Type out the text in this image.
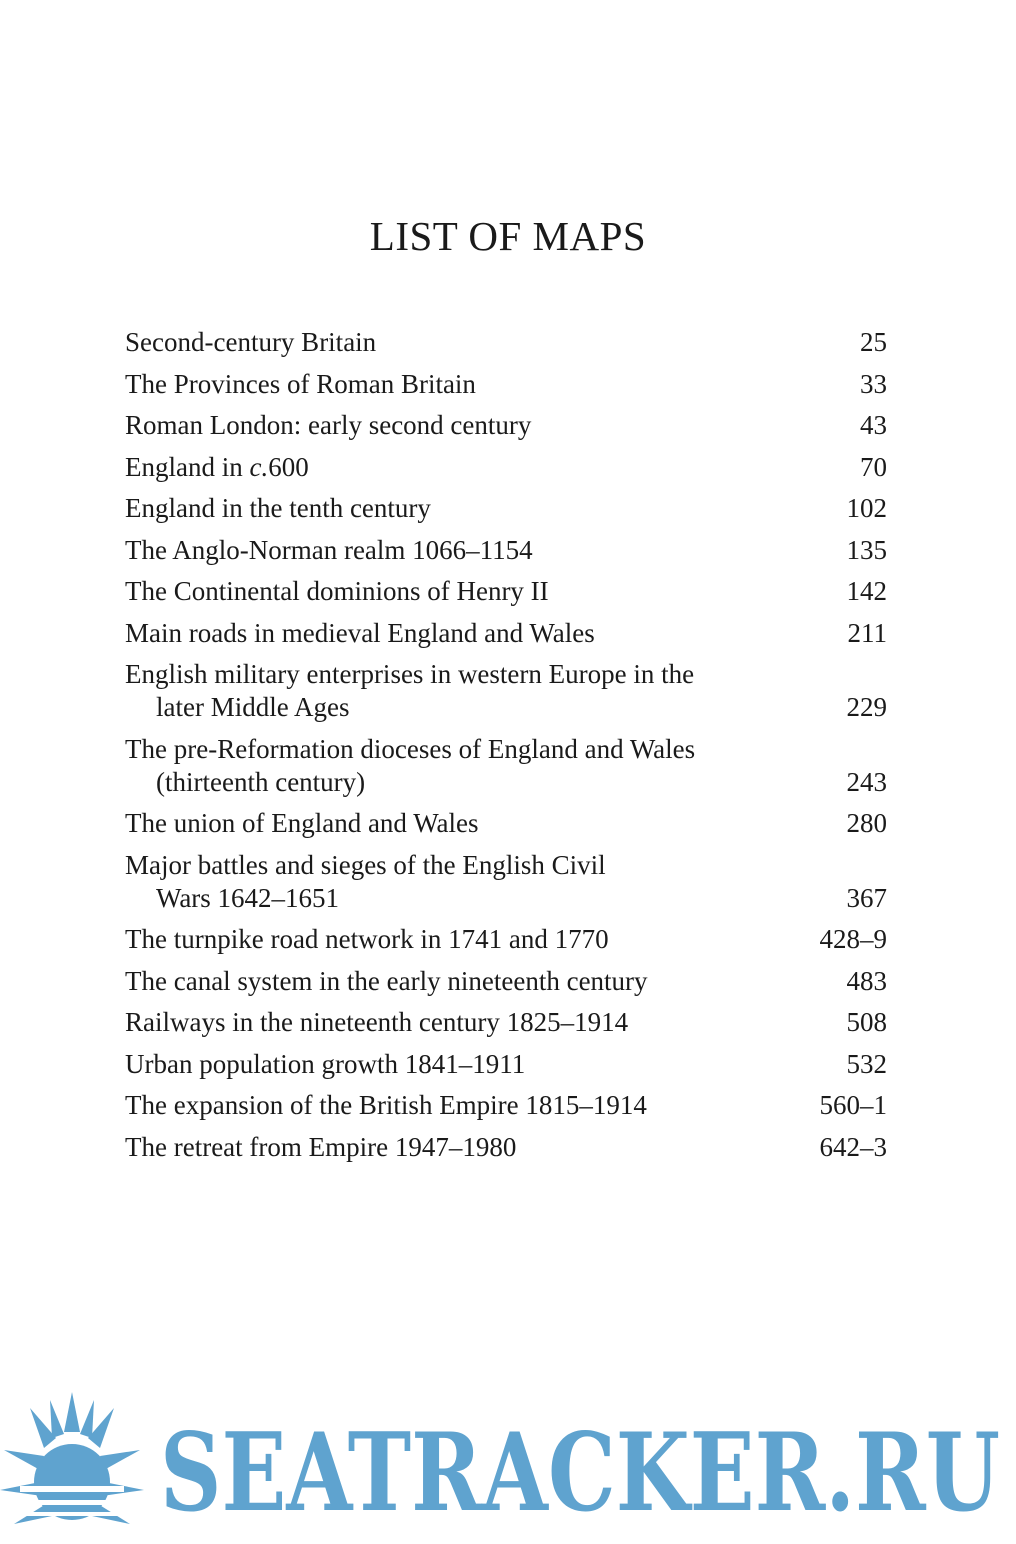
LIST OF MAPS
Second-century Britain	25
The Provinces of Roman Britain	33
Roman London: early second century	43
England in c.600	70
England in the tenth century	102
The Anglo-Norman realm 1066–1154	135
The Continental dominions of Henry II	142
Main roads in medieval England and Wales	211
English military enterprises in western Europe in the
later Middle Ages	229
The pre-Reformation dioceses of England and Wales
(thirteenth century)	243
The union of England and Wales	280
Major battles and sieges of the English Civil
Wars 1642–1651	367
The turnpike road network in 1741 and 1770	428–9
The canal system in the early nineteenth century	483
Railways in the nineteenth century 1825–1914	508
Urban population growth 1841–1911	532
The expansion of the British Empire 1815–1914	560–1
The retreat from Empire 1947–1980	642–3
SEATRACKER.RU
